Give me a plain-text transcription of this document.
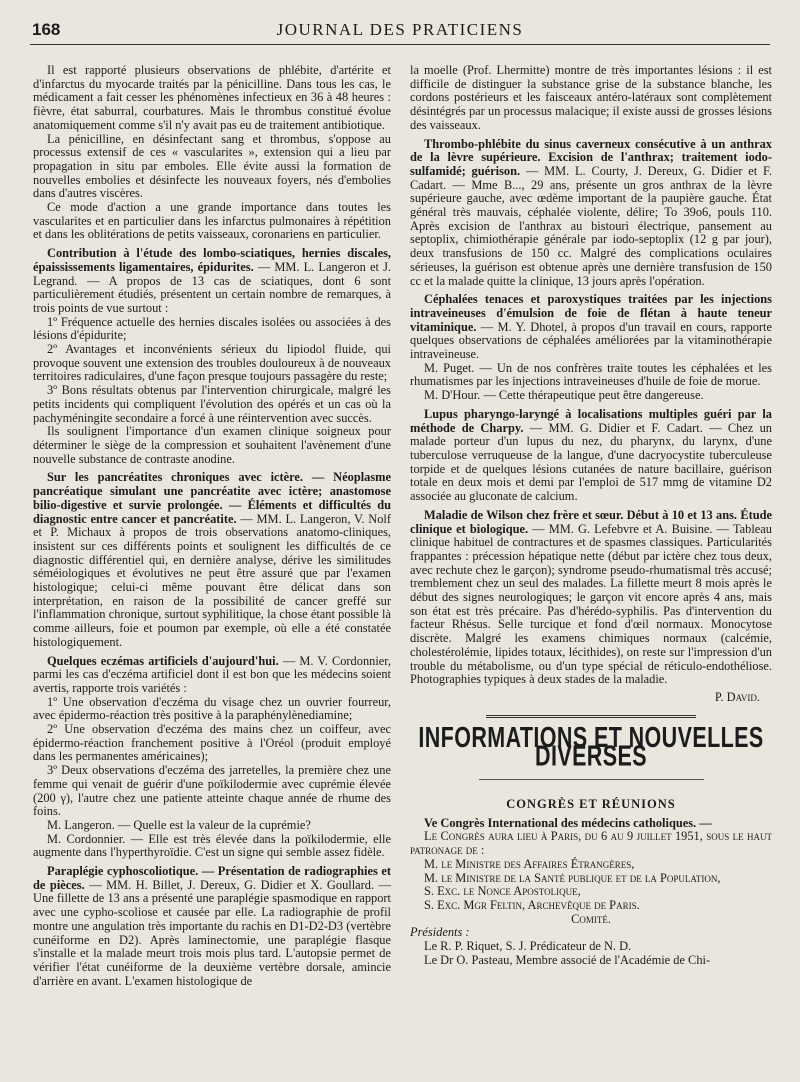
168	JOURNAL DES PRATICIENS

Il est rapporté plusieurs observations de phlébite, d'artérite et d'infarctus du myocarde traités par la pénicilline. Dans tous les cas, le médicament a fait cesser les phénomènes infectieux en 36 à 48 heures : fièvre, état saburral, courbatures. Mais le thrombus constitué évolue anatomiquement comme s'il n'y avait pas eu de traitement antibiotique.

La pénicilline, en désinfectant sang et thrombus, s'oppose au processus extensif de ces « vascularites », extension qui a lieu par propagation in situ par emboles. Elle évite aussi la formation de nouvelles embolies et désinfecte les nouveaux foyers, nés d'embolies dans d'autres viscères.

Ce mode d'action a une grande importance dans toutes les vascularites et en particulier dans les infarctus pulmonaires à répétition et dans les oblitérations de petits vaisseaux, coronariens en particulier.

Contribution à l'étude des lombo-sciatiques, hernies discales, épaississements ligamentaires, épidurites. — MM. L. Langeron et J. Legrand. — A propos de 13 cas de sciatiques, dont 6 sont particulièrement étudiés, présentent un certain nombre de remarques, à trois points de vue surtout :

1º Fréquence actuelle des hernies discales isolées ou associées à des lésions d'épidurite;

2º Avantages et inconvénients sérieux du lipiodol fluide, qui provoque souvent une extension des troubles douloureux à de nouveaux territoires radiculaires, d'une façon presque toujours passagère du reste;

3º Bons résultats obtenus par l'intervention chirurgicale, malgré les petits incidents qui compliquent l'évolution des opérés et un cas où la pachyméningite secondaire a forcé à une réintervention avec succès.

Ils soulignent l'importance d'un examen clinique soigneux pour déterminer le siège de la compression et souhaitent l'avènement d'une nouvelle substance de contraste anodine.

Sur les pancréatites chroniques avec ictère. — Néoplasme pancréatique simulant une pancréatite avec ictère; anastomose bilio-digestive et survie prolongée. — Éléments et difficultés du diagnostic entre cancer et pancréatite. — MM. L. Langeron, V. Nolf et P. Michaux à propos de trois observations anatomo-cliniques, insistent sur ces différents points et soulignent les difficultés de ce diagnostic différentiel qui, en dernière analyse, dérive les similitudes séméiologiques et évolutives ne peut être assuré que par l'examen histologique; celui-ci même pouvant être délicat dans son interprétation, en raison de la possibilité de cancer greffé sur l'inflammation chronique, surtout syphilitique, la chose étant possible là comme ailleurs, foie et poumon par exemple, où elle a été constatée histologiquement.

Quelques eczémas artificiels d'aujourd'hui. — M. V. Cordonnier, parmi les cas d'eczéma artificiel dont il est bon que les médecins soient avertis, rapporte trois variétés :

1º Une observation d'eczéma du visage chez un ouvrier fourreur, avec épidermo-réaction très positive à la paraphénylènediamine;

2º Une observation d'eczéma des mains chez un coiffeur, avec épidermo-réaction franchement positive à l'Oréol (produit employé dans les permanentes américaines);

3º Deux observations d'eczéma des jarretelles, la première chez une femme qui venait de guérir d'une poïkilodermie avec cuprémie élevée (200 γ), l'autre chez une patiente atteinte chaque année de rhume des foins.

M. Langeron. — Quelle est la valeur de la cuprémie?

M. Cordonnier. — Elle est très élevée dans la poïkilodermie, elle augmente dans l'hyperthyroïdie. C'est un signe qui semble assez fidèle.

Paraplégie cyphoscoliotique. — Présentation de radiographies et de pièces. — MM. H. Billet, J. Dereux, G. Didier et X. Goullard. — Une fillette de 13 ans a présenté une paraplégie spasmodique en rapport avec une cypho-scoliose et causée par elle. La radiographie de profil montre une angulation très importante du rachis en D1-D2-D3 (vertèbre cunéiforme en D2). Après laminectomie, une paraplégie flasque s'installe et la malade meurt trois mois plus tard. L'autopsie permet de vérifier l'état cunéiforme de la deuxième vertèbre dorsale, amincie d'arrière en avant. L'examen histologique de

la moelle (Prof. Lhermitte) montre de très importantes lésions : il est difficile de distinguer la substance grise de la substance blanche, les cordons postérieurs et les faisceaux antéro-latéraux sont complètement désintégrés par un processus malacique; il existe aussi de grosses lésions des vaisseaux.

Thrombo-phlébite du sinus caverneux consécutive à un anthrax de la lèvre supérieure. Excision de l'anthrax; traitement iodo-sulfamidé; guérison. — MM. L. Courty, J. Dereux, G. Didier et F. Cadart. — Mme B..., 29 ans, présente un gros anthrax de la lèvre supérieure gauche, avec œdème important de la paupière gauche. État général très mauvais, céphalée violente, délire; To 39o6, pouls 110. Après excision de l'anthrax au bistouri électrique, pansement au septoplix, chimiothérapie générale par iodo-septoplix (12 g par jour), deux transfusions de 150 cc. Malgré des complications oculaires sérieuses, la guérison est obtenue après une dernière transfusion de 150 cc et la malade quitte la clinique, 13 jours après l'opération.

Céphalées tenaces et paroxystiques traitées par les injections intraveineuses d'émulsion de foie de flétan à haute teneur vitaminique. — M. Y. Dhotel, à propos d'un travail en cours, rapporte quelques observations de céphalées améliorées par la vitaminothérapie intraveineuse.

M. Puget. — Un de nos confrères traite toutes les céphalées et les rhumatismes par les injections intraveineuses d'huile de foie de morue.

M. D'Hour. — Cette thérapeutique peut être dangereuse.

Lupus pharyngo-laryngé à localisations multiples guéri par la méthode de Charpy. — MM. G. Didier et F. Cadart. — Chez un malade porteur d'un lupus du nez, du pharynx, du larynx, d'une tuberculose verruqueuse de la langue, d'une dacryocystite tuberculeuse torpide et de quelques lésions cutanées de nature bacillaire, guérison totale en deux mois et demi par l'emploi de 517 mmg de vitamine D2 associée au gluconate de calcium.

Maladie de Wilson chez frère et sœur. Début à 10 et 13 ans. Étude clinique et biologique. — MM. G. Lefebvre et A. Buisine. — Tableau clinique habituel de contractures et de spasmes classiques. Particularités frappantes : précession hépatique nette (début par ictère chez tous deux, avec rechute chez le garçon); syndrome pseudo-rhumatismal très accusé; tremblement chez un seul des malades. La fillette meurt 8 mois après le début des signes neurologiques; le garçon vit encore après 4 ans, mais son état est très précaire. Pas d'hérédo-syphilis. Pas d'intervention du facteur Rhésus. Selle turcique et fond d'œil normaux. Monocytose discrète. Malgré les examens chimiques normaux (calcémie, cholestérolémie, lipides totaux, lécithides), on reste sur l'impression d'un trouble du métabolisme, ou d'un type spécial de réticulo-endothéliose. Photographies typiques à deux stades de la maladie.

P. David.
INFORMATIONS ET NOUVELLES DIVERSES
CONGRÈS ET RÉUNIONS

Ve Congrès International des médecins catholiques. —

Le Congrès aura lieu à Paris, du 6 au 9 juillet 1951, sous le haut patronage de :

M. le Ministre des Affaires Étrangères,
M. le Ministre de la Santé publique et de la Population,
S. Exc. le Nonce Apostolique,
S. Exc. Mgr Feltin, Archevêque de Paris.
Comité.
Présidents :
Le R. P. Riquet, S. J. Prédicateur de N. D.
Le Dr O. Pasteau, Membre associé de l'Académie de Chi-
